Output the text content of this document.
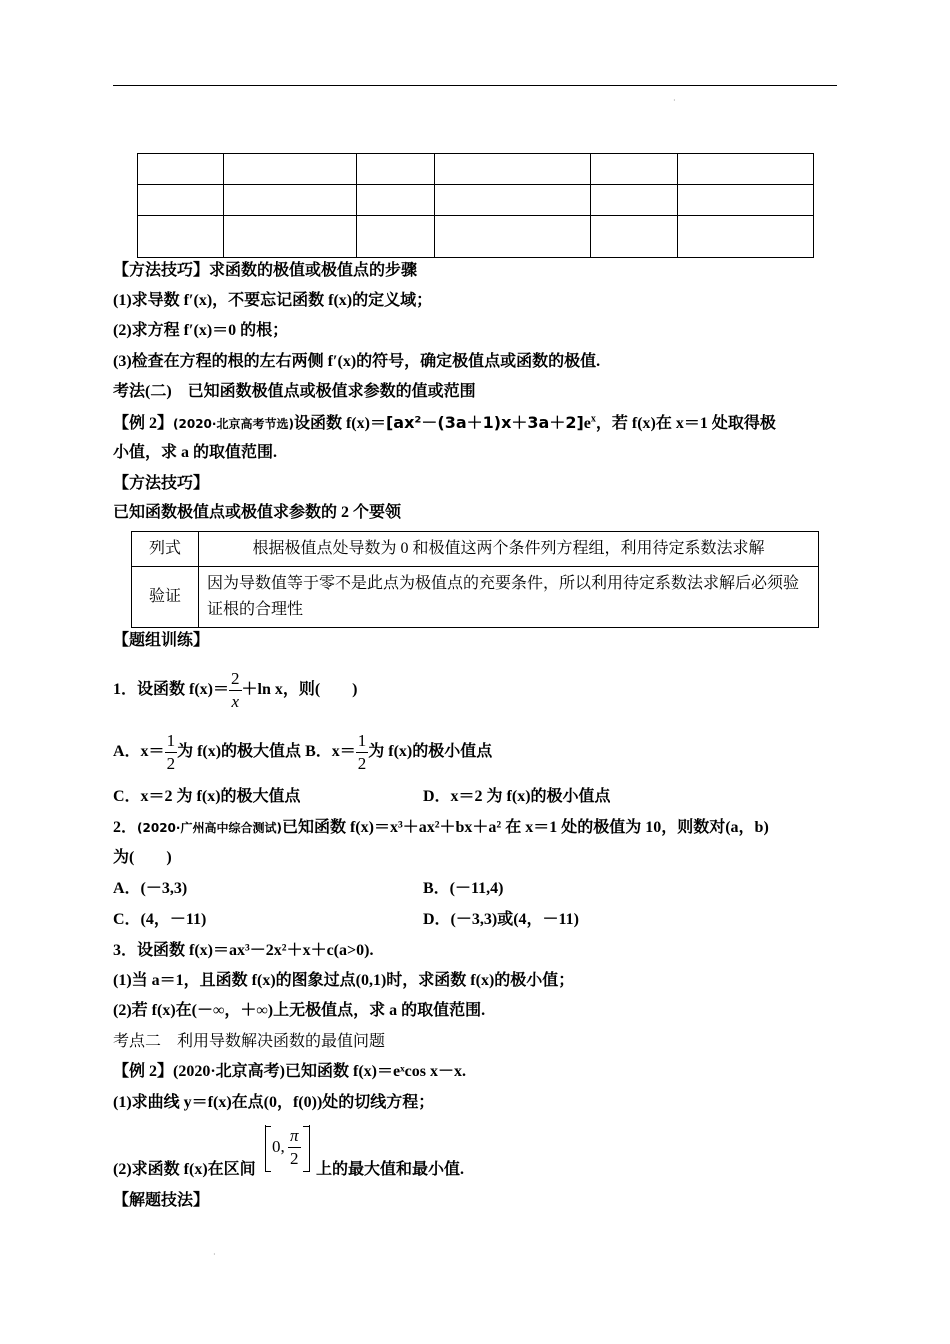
·

【方法技巧】求函数的极值或极值点的步骤
(1)求导数 f′(x)，不要忘记函数 f(x)的定义域；
(2)求方程 f′(x)＝0 的根；
(3)检查在方程的根的左右两侧 f′(x)的符号，确定极值点或函数的极值.
考法(二)　已知函数极值点或极值求参数的值或范围
【例 2】(2020·北京高考节选)设函数 $f(x)=[ax^2-(3a+1)x+3a+2]e^x$，若 f(x)在 x＝1 处取得极
小值，求 a 的取值范围.
【方法技巧】
已知函数极值点或极值求参数的 2 个要领
列式	根据极值点处导数为 0 和极值这两个条件列方程组，利用待定系数法求解
验证	因为导数值等于零不是此点为极值点的充要条件，所以利用待定系数法求解后必须验证根的合理性
【题组训练】
1．设函数 $f(x)= \frac{2}{x} +\ln$ x，则(　　)
A．$x= \frac{1}{2}$ 为 f(x)的极大值点 B．$x= \frac{1}{2}$ 为 f(x)的极小值点
C．x＝2 为 f(x)的极大值点	D．x＝2 为 f(x)的极小值点
2．(2020·广州高中综合测试)已知函数 f(x)＝x³＋ax²＋bx＋a² 在 x＝1 处的极值为 10，则数对(a，b)
为(　　)
A．(－3,3)	B．(－11,4)
C．(4，－11)	D．(－3,3)或(4，－11)
3．设函数 f(x)＝ax³－2x²＋x＋c(a>0).
(1)当 a＝1，且函数 f(x)的图象过点(0,1)时，求函数 f(x)的极小值；
(2)若 f(x)在(－∞，＋∞)上无极值点，求 a 的取值范围.
考点二　利用导数解决函数的最值问题
【例 2】(2020·北京高考)已知函数 f(x)＝eˣcos x－x.
(1)求曲线 y＝f(x)在点(0，f(0))处的切线方程；
(2)求函数 f(x)在区间
0, $\frac{\pi}{2}$ 上的最大值和最小值.
【解题技法】
·
